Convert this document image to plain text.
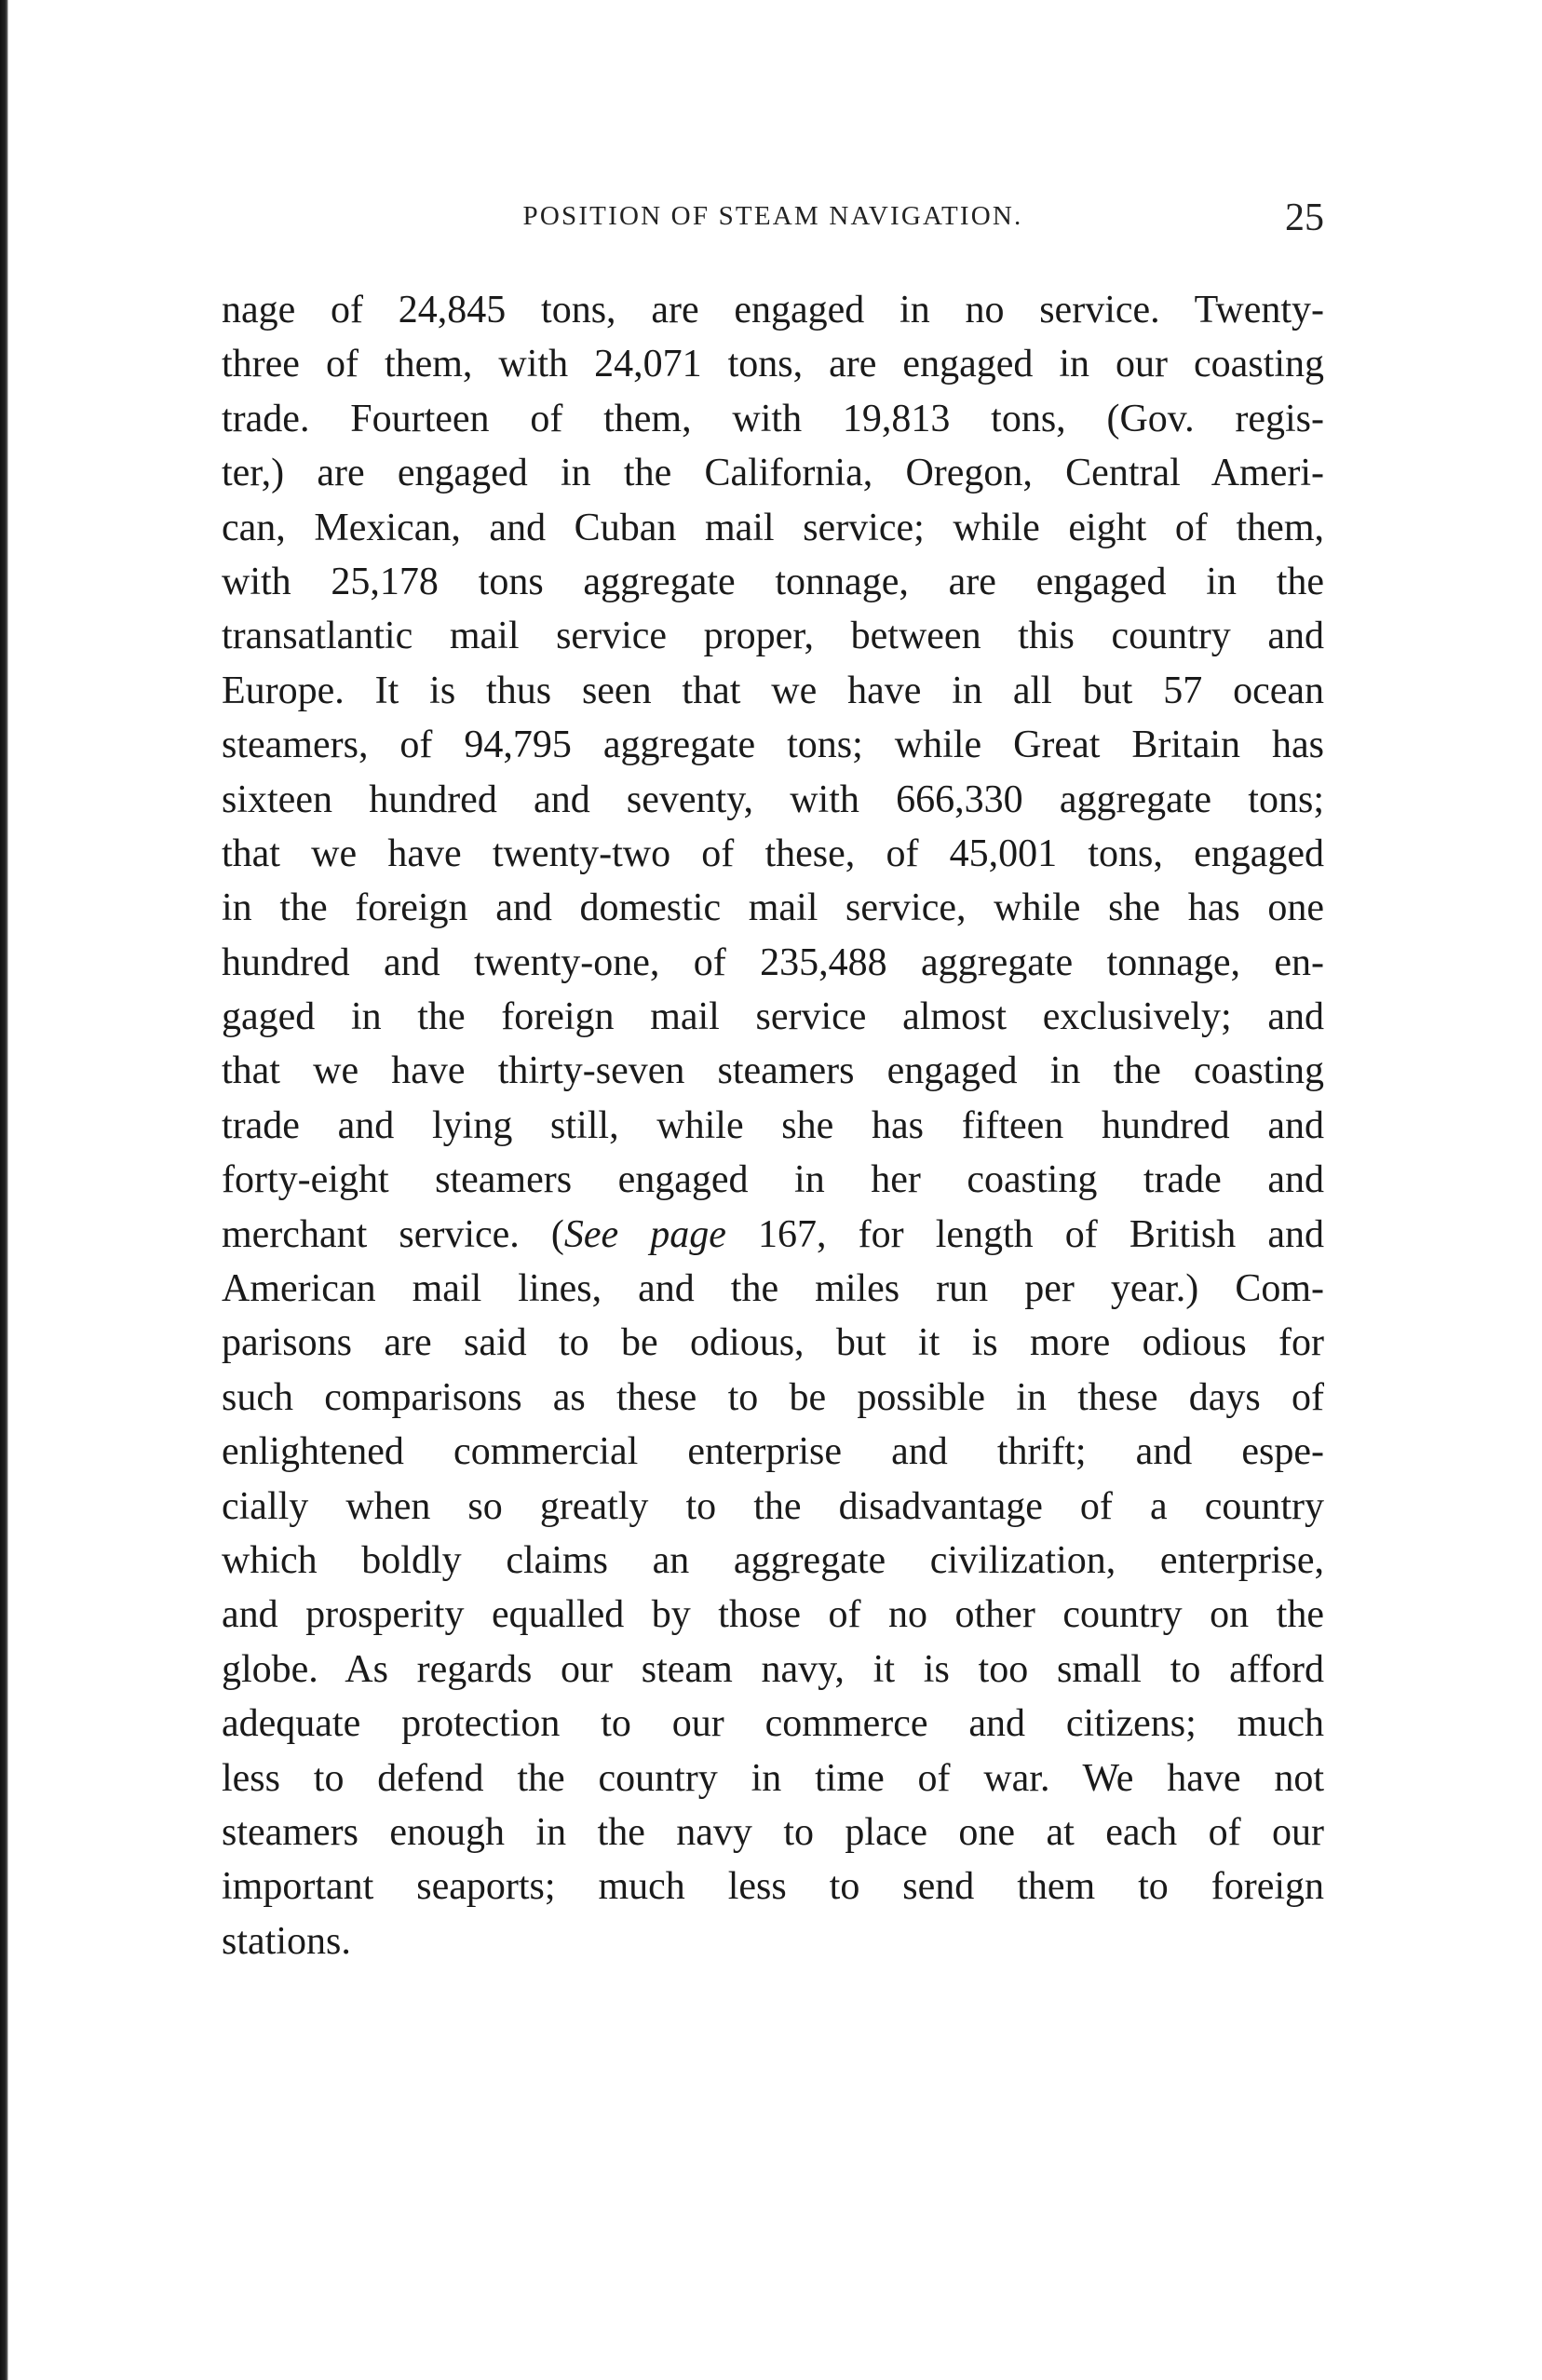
POSITION OF STEAM NAVIGATION.	25
nage of 24,845 tons, are engaged in no service. Twenty-
three of them, with 24,071 tons, are engaged in our coasting
trade. Fourteen of them, with 19,813 tons, (Gov. regis-
ter,) are engaged in the California, Oregon, Central Ameri-
can, Mexican, and Cuban mail service; while eight of them,
with 25,178 tons aggregate tonnage, are engaged in the
transatlantic mail service proper, between this country and
Europe. It is thus seen that we have in all but 57 ocean
steamers, of 94,795 aggregate tons; while Great Britain has
sixteen hundred and seventy, with 666,330 aggregate tons;
that we have twenty-two of these, of 45,001 tons, engaged
in the foreign and domestic mail service, while she has one
hundred and twenty-one, of 235,488 aggregate tonnage, en-
gaged in the foreign mail service almost exclusively; and
that we have thirty-seven steamers engaged in the coasting
trade and lying still, while she has fifteen hundred and
forty-eight steamers engaged in her coasting trade and
merchant service. (See page 167, for length of British and
American mail lines, and the miles run per year.) Com-
parisons are said to be odious, but it is more odious for
such comparisons as these to be possible in these days of
enlightened commercial enterprise and thrift; and espe-
cially when so greatly to the disadvantage of a country
which boldly claims an aggregate civilization, enterprise,
and prosperity equalled by those of no other country on the
globe. As regards our steam navy, it is too small to afford
adequate protection to our commerce and citizens; much
less to defend the country in time of war. We have not
steamers enough in the navy to place one at each of our
important seaports; much less to send them to foreign
stations.
